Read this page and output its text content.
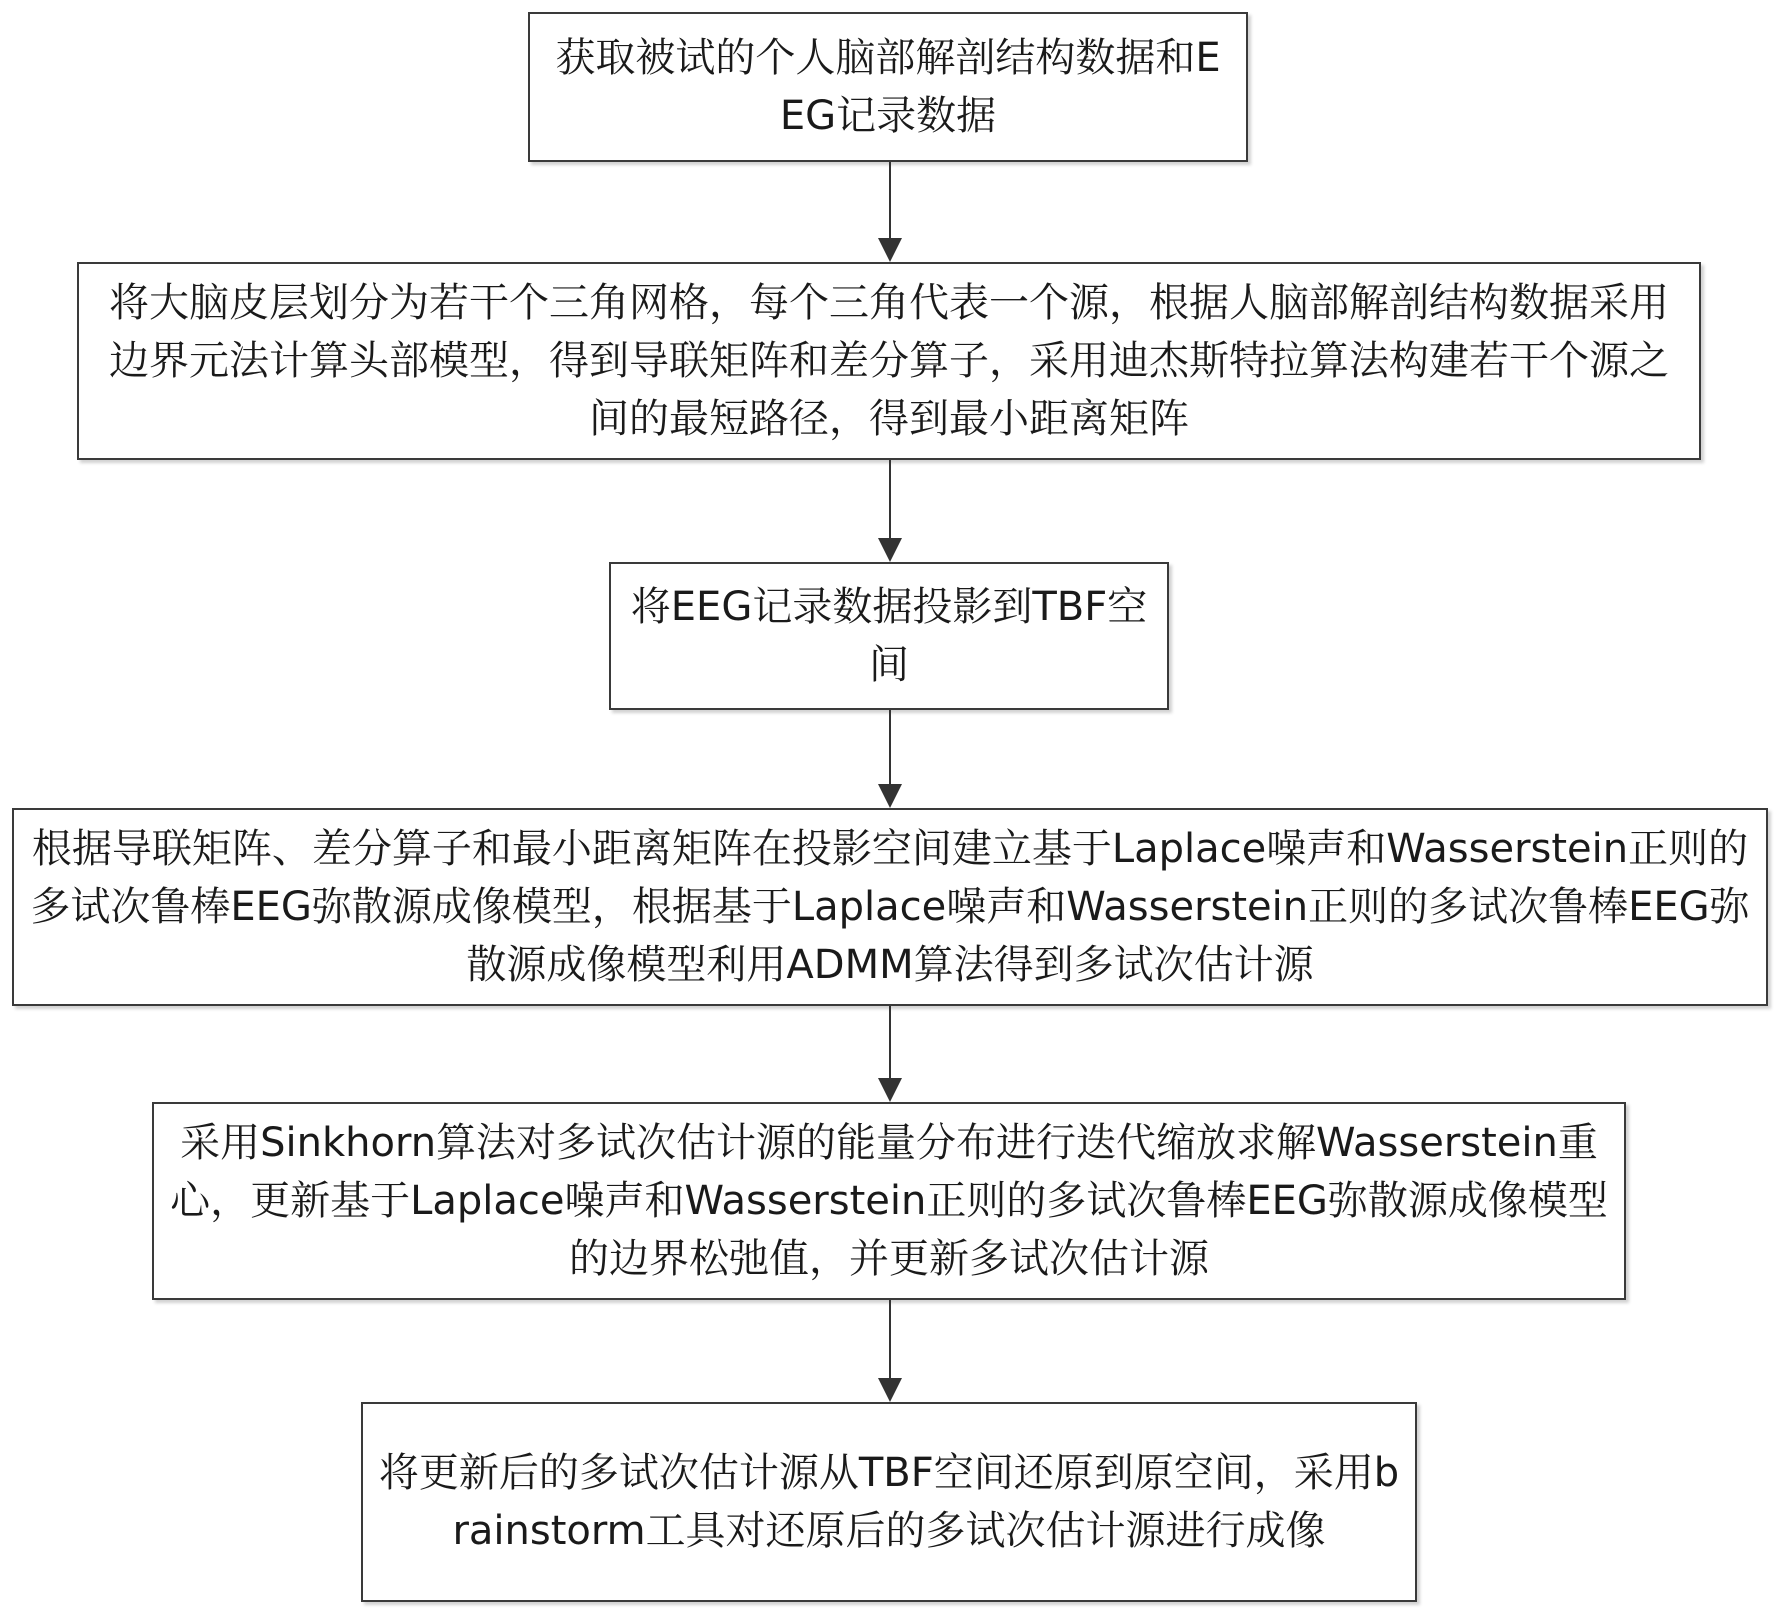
获取被试的个人脑部解剖结构数据和EEG记录数据
将大脑皮层划分为若干个三角网格，每个三角代表一个源，根据人脑部解剖结构数据采用边界元法计算头部模型，得到导联矩阵和差分算子，采用迪杰斯特拉算法构建若干个源之间的最短路径，得到最小距离矩阵
将EEG记录数据投影到TBF空间
根据导联矩阵、差分算子和最小距离矩阵在投影空间建立基于Laplace噪声和Wasserstein正则的多试次鲁棒EEG弥散源成像模型，根据基于Laplace噪声和Wasserstein正则的多试次鲁棒EEG弥散源成像模型利用ADMM算法得到多试次估计源
采用Sinkhorn算法对多试次估计源的能量分布进行迭代缩放求解Wasserstein重心，更新基于Laplace噪声和Wasserstein正则的多试次鲁棒EEG弥散源成像模型的边界松弛值，并更新多试次估计源
将更新后的多试次估计源从TBF空间还原到原空间，采用brainstorm工具对还原后的多试次估计源进行成像
